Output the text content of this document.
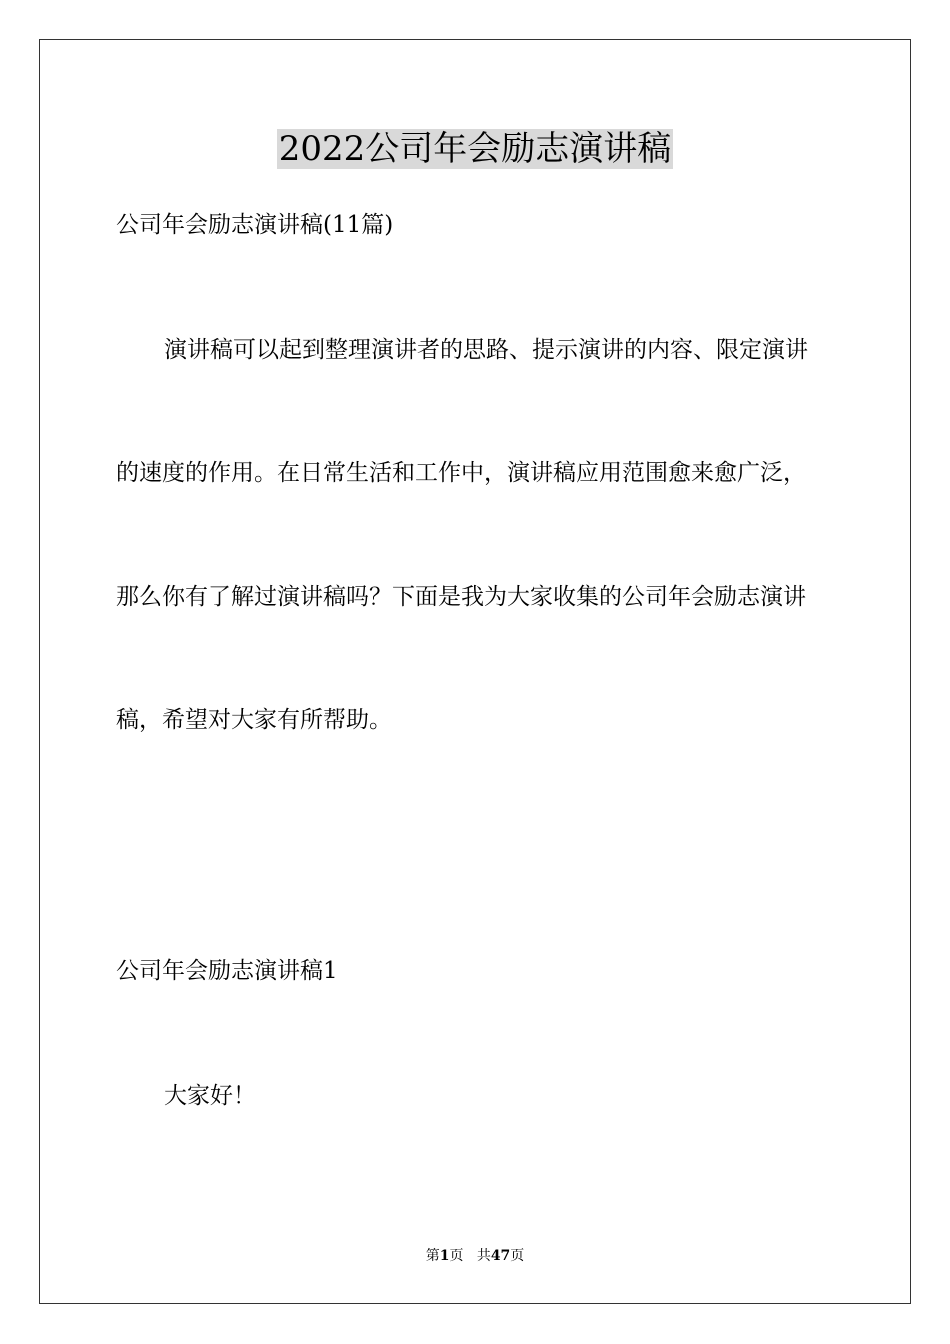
2022公司年会励志演讲稿

公司年会励志演讲稿(11篇)

演讲稿可以起到整理演讲者的思路、提示演讲的内容、限定演讲

的速度的作用。在日常生活和工作中，演讲稿应用范围愈来愈广泛，

那么你有了解过演讲稿吗？下面是我为大家收集的公司年会励志演讲

稿，希望对大家有所帮助。

公司年会励志演讲稿1

大家好！

第1页 共47页
